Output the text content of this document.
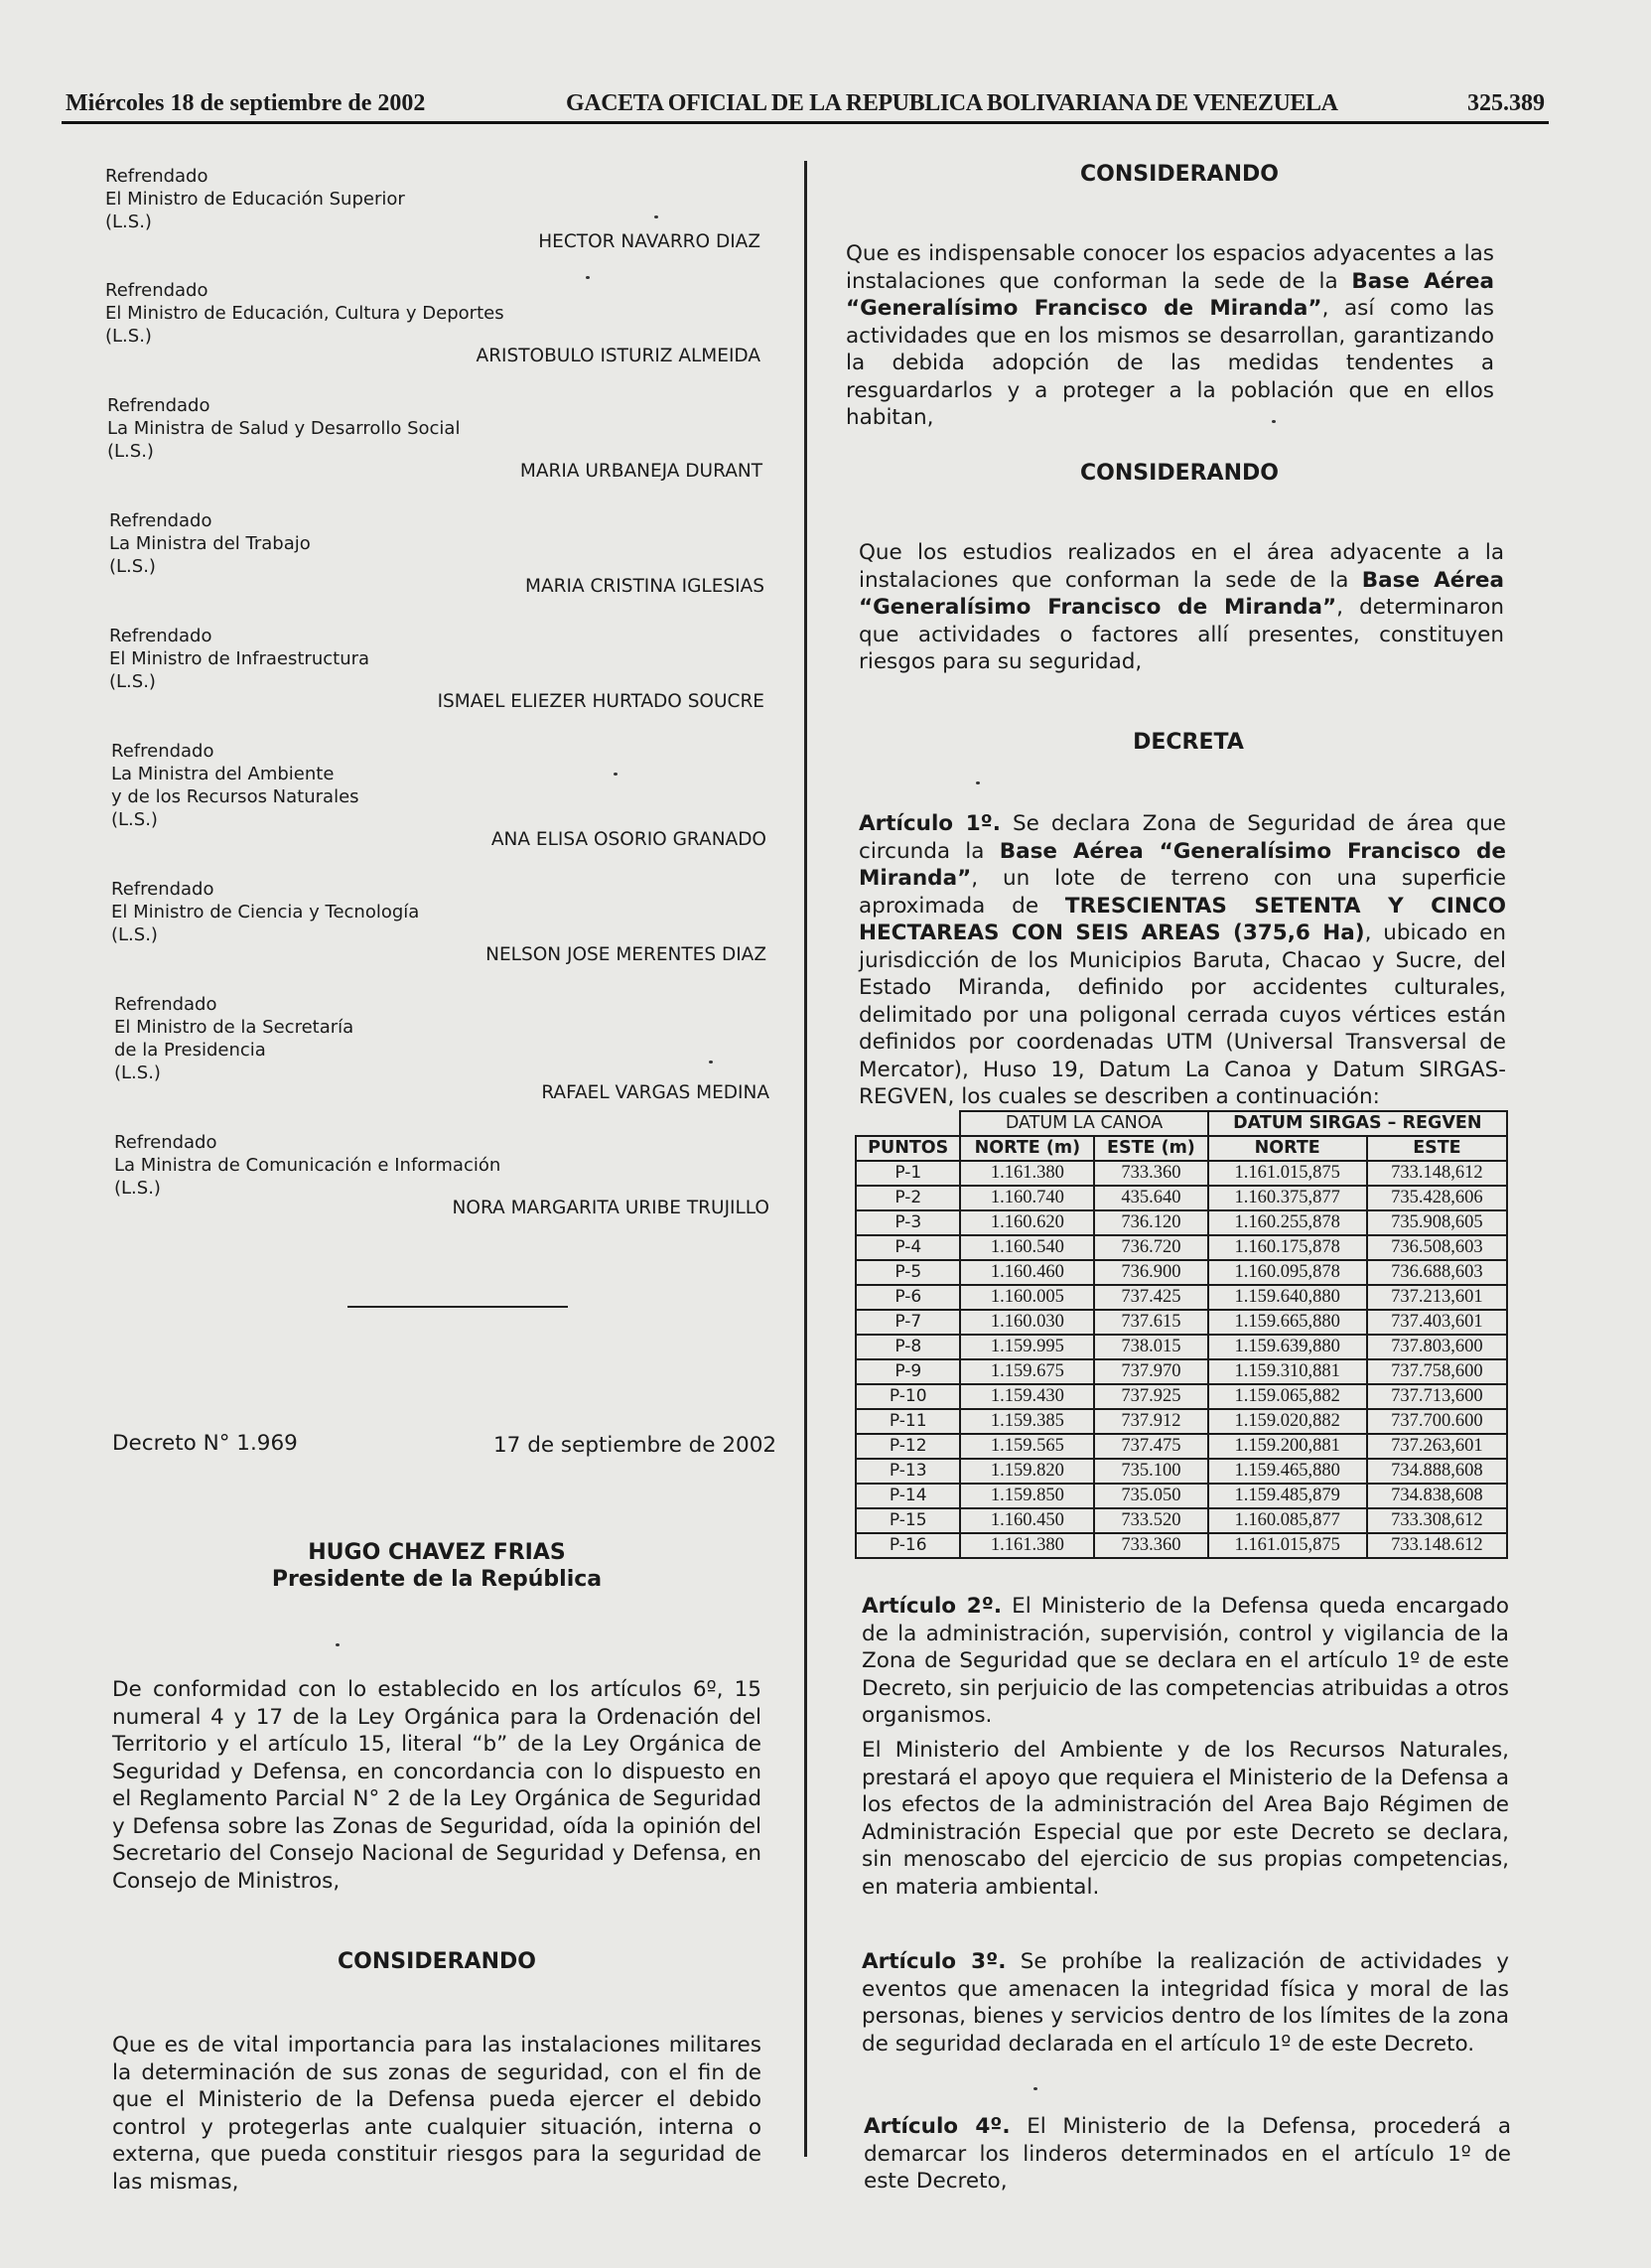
Miércoles 18 de septiembre de 2002	GACETA OFICIAL DE LA REPUBLICA BOLIVARIANA DE VENEZUELA	325.389
Refrendado
El Ministro de Educación Superior
(L.S.)
HECTOR NAVARRO DIAZ
Refrendado
El Ministro de Educación, Cultura y Deportes
(L.S.)
ARISTOBULO ISTURIZ ALMEIDA
Refrendado
La Ministra de Salud y Desarrollo Social
(L.S.)
MARIA URBANEJA DURANT
Refrendado
La Ministra del Trabajo
(L.S.)
MARIA CRISTINA IGLESIAS
Refrendado
El Ministro de Infraestructura
(L.S.)
ISMAEL ELIEZER HURTADO SOUCRE
Refrendado
La Ministra del Ambiente
y de los Recursos Naturales
(L.S.)
ANA ELISA OSORIO GRANADO
Refrendado
El Ministro de Ciencia y Tecnología
(L.S.)
NELSON JOSE MERENTES DIAZ
Refrendado
El Ministro de la Secretaría
de la Presidencia
(L.S.)
RAFAEL VARGAS MEDINA
Refrendado
La Ministra de Comunicación e Información
(L.S.)
NORA MARGARITA URIBE TRUJILLO
Decreto N° 1.969	17 de septiembre de 2002
HUGO CHAVEZ FRIAS
Presidente de la República
De conformidad con lo establecido en los artículos 6º, 15 numeral 4 y 17 de la Ley Orgánica para la Ordenación del Territorio y el artículo 15, literal “b” de la Ley Orgánica de Seguridad y Defensa, en concordancia con lo dispuesto en el Reglamento Parcial N° 2 de la Ley Orgánica de Seguridad y Defensa sobre las Zonas de Seguridad, oída la opinión del Secretario del Consejo Nacional de Seguridad y Defensa, en Consejo de Ministros,
CONSIDERANDO
Que es de vital importancia para las instalaciones militares la determinación de sus zonas de seguridad, con el fin de que el Ministerio de la Defensa pueda ejercer el debido control y protegerlas ante cualquier situación, interna o externa, que pueda constituir riesgos para la seguridad de las mismas,
CONSIDERANDO
Que es indispensable conocer los espacios adyacentes a las instalaciones que conforman la sede de la Base Aérea “Generalísimo Francisco de Miranda”, así como las actividades que en los mismos se desarrollan, garantizando la debida adopción de las medidas tendentes a resguardarlos y a proteger a la población que en ellos habitan,
CONSIDERANDO
Que los estudios realizados en el área adyacente a la instalaciones que conforman la sede de la Base Aérea “Generalísimo Francisco de Miranda”, determinaron que actividades o factores allí presentes, constituyen riesgos para su seguridad,
DECRETA
Artículo 1º. Se declara Zona de Seguridad de área que circunda la Base Aérea “Generalísimo Francisco de Miranda”, un lote de terreno con una superficie aproximada de TRESCIENTAS SETENTA Y CINCO HECTAREAS CON SEIS AREAS (375,6 Ha), ubicado en jurisdicción de los Municipios Baruta, Chacao y Sucre, del Estado Miranda, definido por accidentes culturales, delimitado por una poligonal cerrada cuyos vértices están definidos por coordenadas UTM (Universal Transversal de Mercator), Huso 19, Datum La Canoa y Datum SIRGAS-REGVEN, los cuales se describen a continuación:
	DATUM LA CANOA		DATUM SIRGAS – REGVEN	
PUNTOS	NORTE (m)	ESTE (m)	NORTE	ESTE
P-1	1.161.380	733.360	1.161.015,875	733.148,612
P-2	1.160.740	435.640	1.160.375,877	735.428,606
P-3	1.160.620	736.120	1.160.255,878	735.908,605
P-4	1.160.540	736.720	1.160.175,878	736.508,603
P-5	1.160.460	736.900	1.160.095,878	736.688,603
P-6	1.160.005	737.425	1.159.640,880	737.213,601
P-7	1.160.030	737.615	1.159.665,880	737.403,601
P-8	1.159.995	738.015	1.159.639,880	737.803,600
P-9	1.159.675	737.970	1.159.310,881	737.758,600
P-10	1.159.430	737.925	1.159.065,882	737.713,600
P-11	1.159.385	737.912	1.159.020,882	737.700.600
P-12	1.159.565	737.475	1.159.200,881	737.263,601
P-13	1.159.820	735.100	1.159.465,880	734.888,608
P-14	1.159.850	735.050	1.159.485,879	734.838,608
P-15	1.160.450	733.520	1.160.085,877	733.308,612
P-16	1.161.380	733.360	1.161.015,875	733.148.612
Artículo 2º. El Ministerio de la Defensa queda encargado de la administración, supervisión, control y vigilancia de la Zona de Seguridad que se declara en el artículo 1º de este Decreto, sin perjuicio de las competencias atribuidas a otros organismos.
El Ministerio del Ambiente y de los Recursos Naturales, prestará el apoyo que requiera el Ministerio de la Defensa a los efectos de la administración del Area Bajo Régimen de Administración Especial que por este Decreto se declara, sin menoscabo del ejercicio de sus propias competencias, en materia ambiental.
Artículo 3º. Se prohíbe la realización de actividades y eventos que amenacen la integridad física y moral de las personas, bienes y servicios dentro de los límites de la zona de seguridad declarada en el artículo 1º de este Decreto.
Artículo 4º. El Ministerio de la Defensa, procederá a demarcar los linderos determinados en el artículo 1º de este Decreto,
